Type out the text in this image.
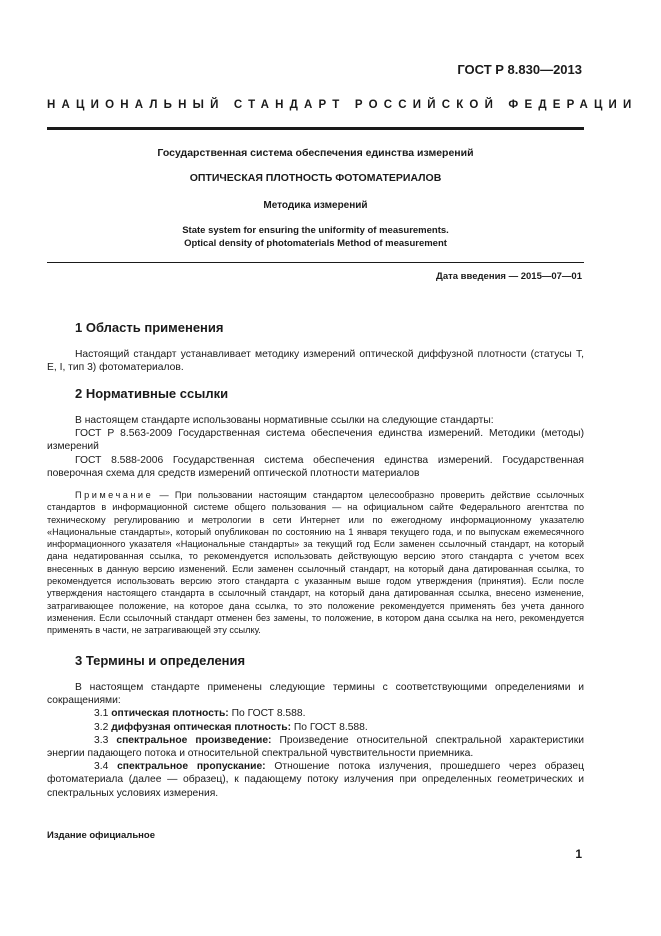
ГОСТ Р 8.830—2013
НАЦИОНАЛЬНЫЙ СТАНДАРТ РОССИЙСКОЙ ФЕДЕРАЦИИ
Государственная система обеспечения единства измерений
ОПТИЧЕСКАЯ ПЛОТНОСТЬ ФОТОМАТЕРИАЛОВ
Методика измерений
State system for ensuring the uniformity of measurements.
Optical density of photomaterials Method of measurement
Дата введения — 2015—07—01
1 Область применения

Настоящий стандарт устанавливает методику измерений оптической диффузной плотности (статусы Т, Е, I, тип 3) фотоматериалов.

2 Нормативные ссылки

В настоящем стандарте использованы нормативные ссылки на следующие стандарты:

ГОСТ Р 8.563-2009 Государственная система обеспечения единства измерений. Методики (методы) измерений

ГОСТ 8.588-2006 Государственная система обеспечения единства измерений. Государственная поверочная схема для средств измерений оптической плотности материалов

Примечание — При пользовании настоящим стандартом целесообразно проверить действие ссылочных стандартов в информационной системе общего пользования — на официальном сайте Федерального агентства по техническому регулированию и метрологии в сети Интернет или по ежегодному информационному указателю «Национальные стандарты», который опубликован по состоянию на 1 января текущего года, и по выпускам ежемесячного информационного указателя «Национальные стандарты» за текущий год Если заменен ссылочный стандарт, на который дана недатированная ссылка, то рекомендуется использовать действующую версию этого стандарта с учетом всех внесенных в данную версию изменений. Если заменен ссылочный стандарт, на который дана датированная ссылка, то рекомендуется использовать версию этого стандарта с указанным выше годом утверждения (принятия). Если после утверждения настоящего стандарта в ссылочный стандарт, на который дана датированная ссылка, внесено изменение, затрагивающее положение, на которое дана ссылка, то это положение рекомендуется применять без учета данного изменения. Если ссылочный стандарт отменен без замены, то положение, в котором дана ссылка на него, рекомендуется применять в части, не затрагивающей эту ссылку.

3 Термины и определения

В настоящем стандарте применены следующие термины с соответствующими определениями и сокращениями:

3.1 оптическая плотность: По ГОСТ 8.588.

3.2 диффузная оптическая плотность: По ГОСТ 8.588.

3.3 спектральное произведение: Произведение относительной спектральной характеристики энергии падающего потока и относительной спектральной чувствительности приемника.

3.4 спектральное пропускание: Отношение потока излучения, прошедшего через образец фотоматериала (далее — образец), к падающему потоку излучения при определенных геометрических и спектральных условиях измерения.

Издание официальное
1
